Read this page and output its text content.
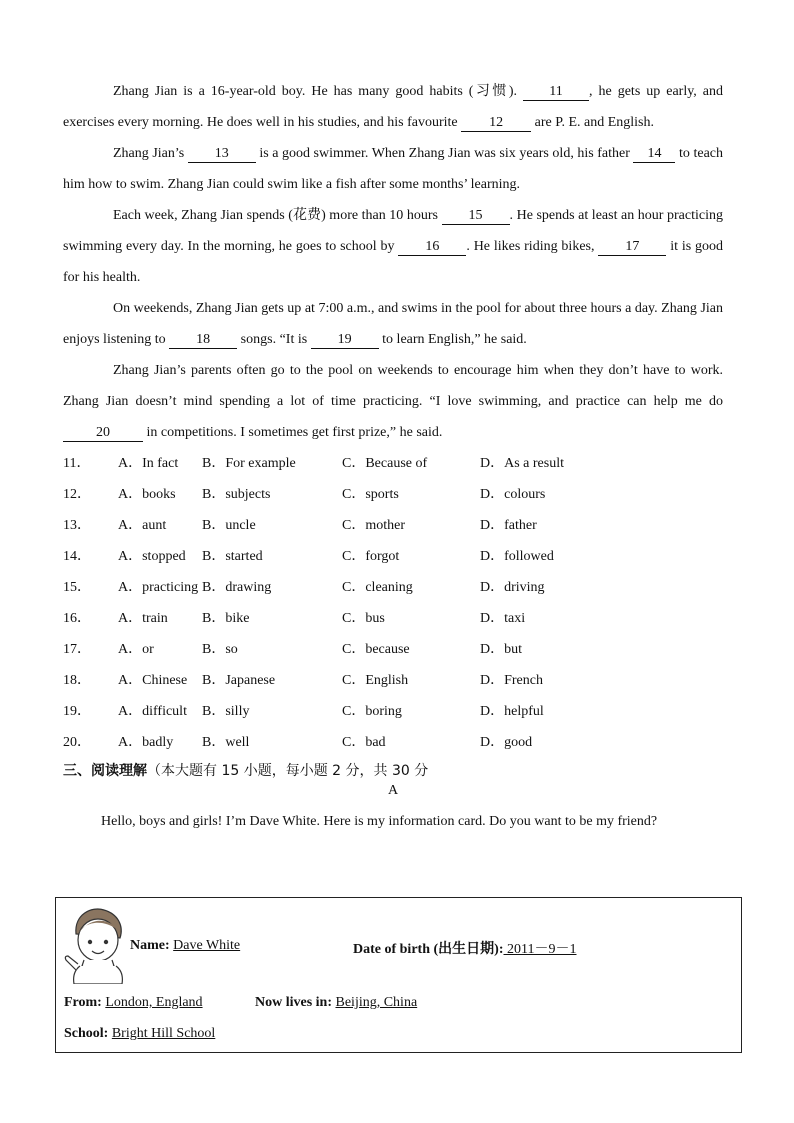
Zhang Jian is a 16-year-old boy. He has many good habits (习惯). 11 , he gets up early, and exercises every morning. He does well in his studies, and his favourite 12 are P. E. and English.

Zhang Jian’s 13 is a good swimmer. When Zhang Jian was six years old, his father 14 to teach him how to swim. Zhang Jian could swim like a fish after some months’ learning.

Each week, Zhang Jian spends (花费) more than 10 hours 15 . He spends at least an hour practicing swimming every day. In the morning, he goes to school by 16 . He likes riding bikes, 17 it is good for his health.

On weekends, Zhang Jian gets up at 7:00 a.m., and swims in the pool for about three hours a day. Zhang Jian enjoys listening to 18 songs. “It is 19 to learn English,” he said.

Zhang Jian’s parents often go to the pool on weekends to encourage him when they don’t have to work. Zhang Jian doesn’t mind spending a lot of time practicing. “I love swimming, and practice can help me do 20 in competitions. I sometimes get first prize,” he said.

11．	A．In fact	B．For example	C．Because of	D．As a result
12．	A．books	B．subjects	C．sports	D．colours
13．	A．aunt	B．uncle	C．mother	D．father
14．	A．stopped	B．started	C．forgot	D．followed
15．	A．practicing B．drawing	C．cleaning	D．driving
16．	A．train	B．bike	C．bus	D．taxi
17．	A．or	B．so	C．because	D．but
18．	A．Chinese	B．Japanese	C．English	D．French
19．	A．difficult	B．silly	C．boring	D．helpful
20．	A．badly	B．well	C．bad	D．good
三、阅读理解（本大题有 15 小题，每小题 2 分，共 30 分
A

Hello, boys and girls! I’m Dave White. Here is my information card. Do you want to be my friend?

Name: Dave White	Date of birth (出生日期): 2011－9－1
From: London, England	Now lives in: Beijing, China
School: Bright Hill School
